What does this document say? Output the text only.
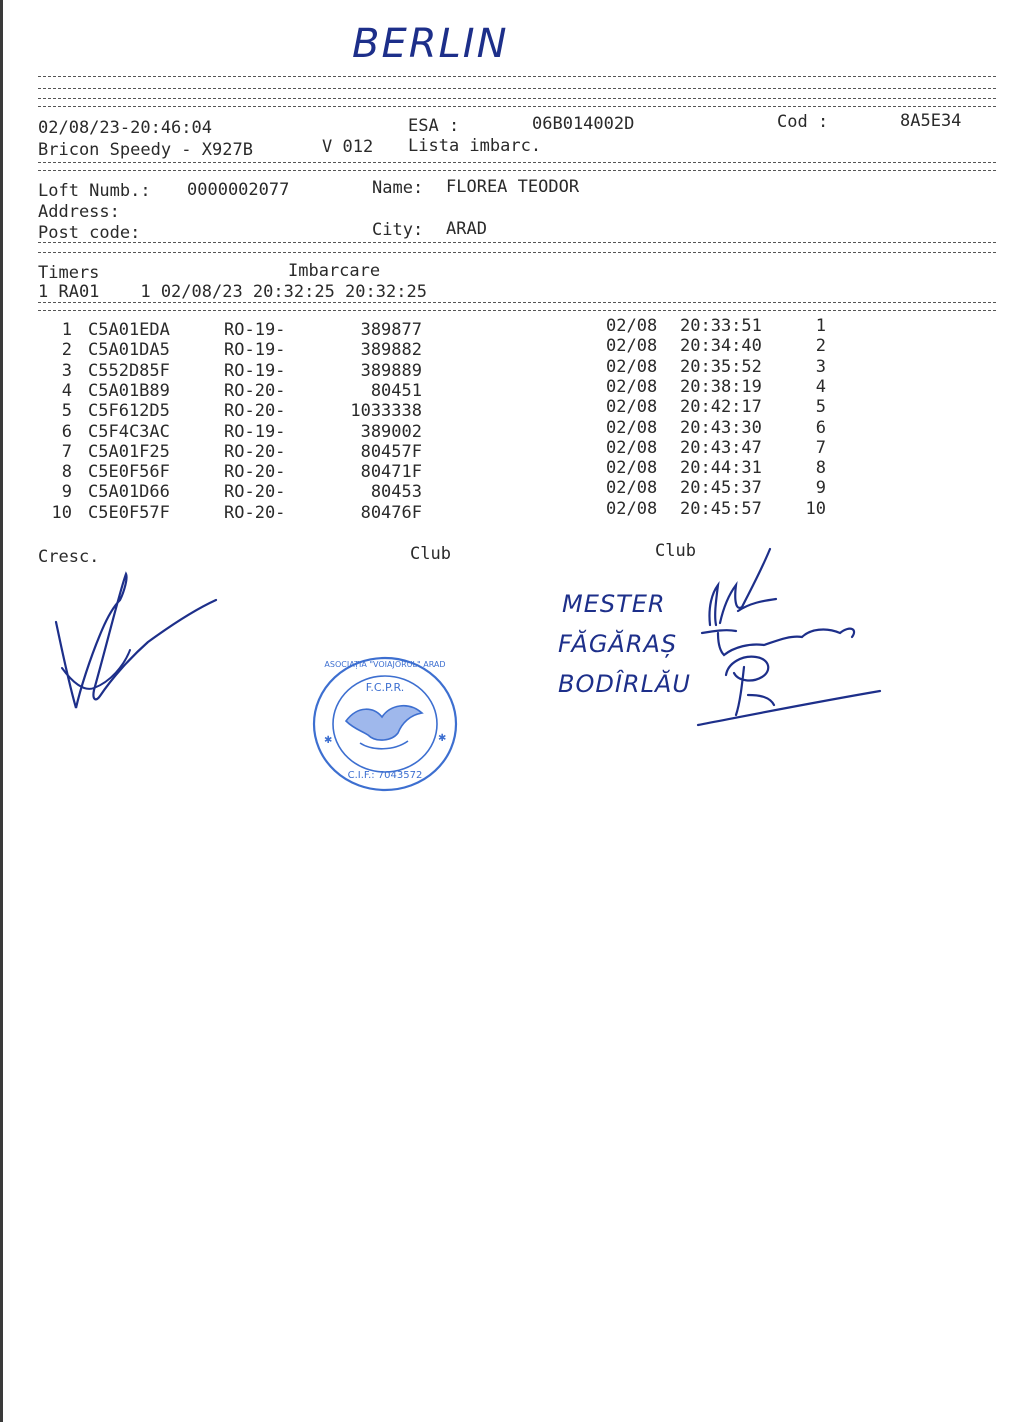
BERLIN
02/08/23-20:46:04	ESA :	06B014002D	Cod :	8A5E34
Bricon Speedy - X927B	V 012 Lista imbarc.
Loft Numb.: 0000002077	Name: FLOREA TEODOR
Address:
Post code:	City: ARAD
Timers	Imbarcare
1 RA01    1 02/08/23 20:32:25 20:32:25
1 C5A01EDA	RO-19-	389877	02/08	20:33:51	1
2 C5A01DA5	RO-19-	389882	02/08	20:34:40	2
3 C552D85F	RO-19-	389889	02/08	20:35:52	3
4 C5A01B89	RO-20-	80451	02/08	20:38:19	4
5 C5F612D5	RO-20-	1033338	02/08	20:42:17	5
6 C5F4C3AC	RO-19-	389002	02/08	20:43:30	6
7 C5A01F25	RO-20-	80457F	02/08	20:43:47	7
8 C5E0F56F	RO-20-	80471F	02/08	20:44:31	8
9 C5A01D66	RO-20-	80453	02/08	20:45:37	9
10 C5E0F57F	RO-20-	80476F	02/08	20:45:57	10
Cresc.	Club	Club
✱	✱
ASOCIAȚIA "VOIAJORUL" ARAD
F.C.P.R.
C.I.F.: 7043572
MESTER
FĂGĂRAȘ
BODÎRLĂU
